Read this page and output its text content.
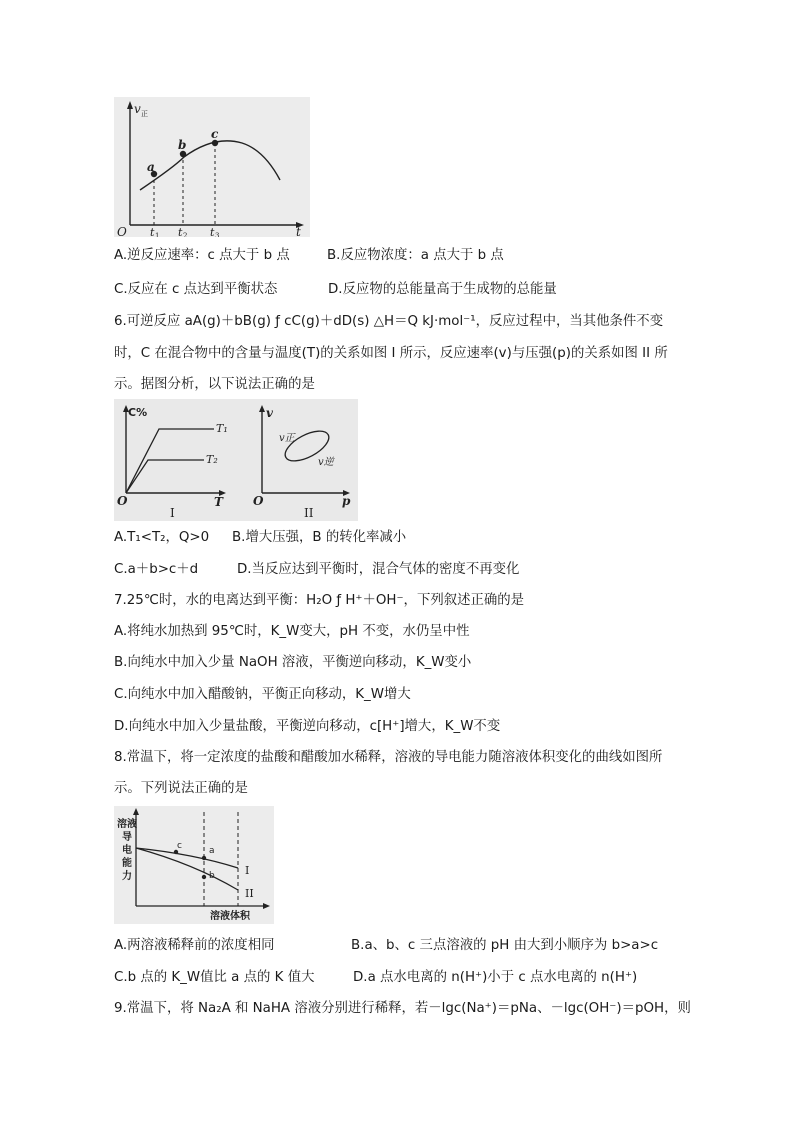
v 正
t
O
a
b
c
t 1 t 2 t 3
A.逆反应速率：c 点大于 b 点	B.反应物浓度：a 点大于 b 点
C.反应在 c 点达到平衡状态	D.反应物的总能量高于生成物的总能量
6.可逆反应 aA(g)＋bB(g) ƒ cC(g)＋dD(s) △H＝Q kJ·mol⁻¹，反应过程中，当其他条件不变
时，C 在混合物中的含量与温度(T)的关系如图 I 所示，反应速率(v)与压强(p)的关系如图 II 所
示。据图分析，以下说法正确的是
C%
T
O
T₁
T₂
I
v
p
O
v正
v逆
II
A.T₁<T₂，Q>0 B.增大压强，B 的转化率减小
C.a＋b>c＋d	D.当反应达到平衡时，混合气体的密度不再变化
7.25℃时，水的电离达到平衡：H₂O ƒ H⁺＋OH⁻，下列叙述正确的是
A.将纯水加热到 95℃时，K_W变大，pH 不变，水仍呈中性
B.向纯水中加入少量 NaOH 溶液，平衡逆向移动，K_W变小
C.向纯水中加入醋酸钠，平衡正向移动，K_W增大
D.向纯水中加入少量盐酸，平衡逆向移动，c[H⁺]增大，K_W不变
8.常温下，将一定浓度的盐酸和醋酸加水稀释，溶液的导电能力随溶液体积变化的曲线如图所
示。下列说法正确的是
c	a
b	I
II
溶 液
导
电
能
力
溶液体积
A.两溶液稀释前的浓度相同	B.a、b、c 三点溶液的 pH 由大到小顺序为 b>a>c
C.b 点的 K_W值比 a 点的 K 值大	D.a 点水电离的 n(H⁺)小于 c 点水电离的 n(H⁺)
9.常温下，将 Na₂A 和 NaHA 溶液分别进行稀释，若－lgc(Na⁺)＝pNa、－lgc(OH⁻)＝pOH，则
